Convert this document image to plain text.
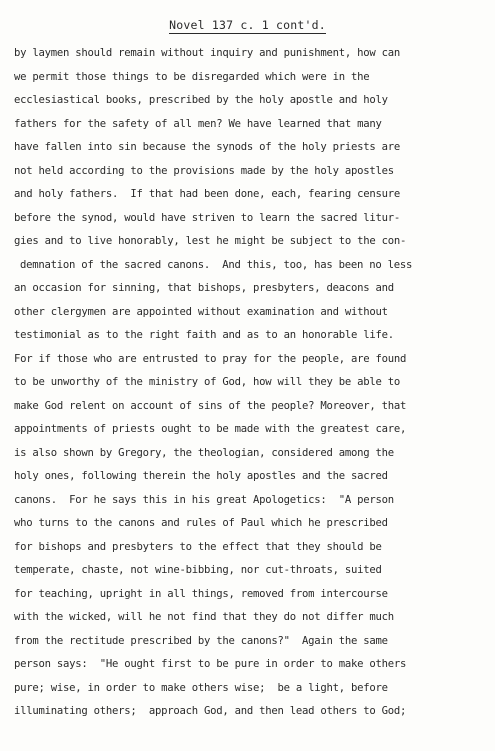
Novel 137 c. 1 cont'd.
by laymen should remain without inquiry and punishment, how can
we permit those things to be disregarded which were in the
ecclesiastical books, prescribed by the holy apostle and holy
fathers for the safety of all men? We have learned that many
have fallen into sin because the synods of the holy priests are
not held according to the provisions made by the holy apostles
and holy fathers.  If that had been done, each, fearing censure
before the synod, would have striven to learn the sacred litur-
gies and to live honorably, lest he might be subject to the con-
demnation of the sacred canons.  And this, too, has been no less
an occasion for sinning, that bishops, presbyters, deacons and
other clergymen are appointed without examination and without
testimonial as to the right faith and as to an honorable life.
For if those who are entrusted to pray for the people, are found
to be unworthy of the ministry of God, how will they be able to
make God relent on account of sins of the people? Moreover, that
appointments of priests ought to be made with the greatest care,
is also shown by Gregory, the theologian, considered among the
holy ones, following therein the holy apostles and the sacred
canons.  For he says this in his great Apologetics:  "A person
who turns to the canons and rules of Paul which he prescribed
for bishops and presbyters to the effect that they should be
temperate, chaste, not wine-bibbing, nor cut-throats, suited
for teaching, upright in all things, removed from intercourse
with the wicked, will he not find that they do not differ much
from the rectitude prescribed by the canons?"  Again the same
person says:  "He ought first to be pure in order to make others
pure; wise, in order to make others wise;  be a light, before
illuminating others;  approach God, and then lead others to God;
